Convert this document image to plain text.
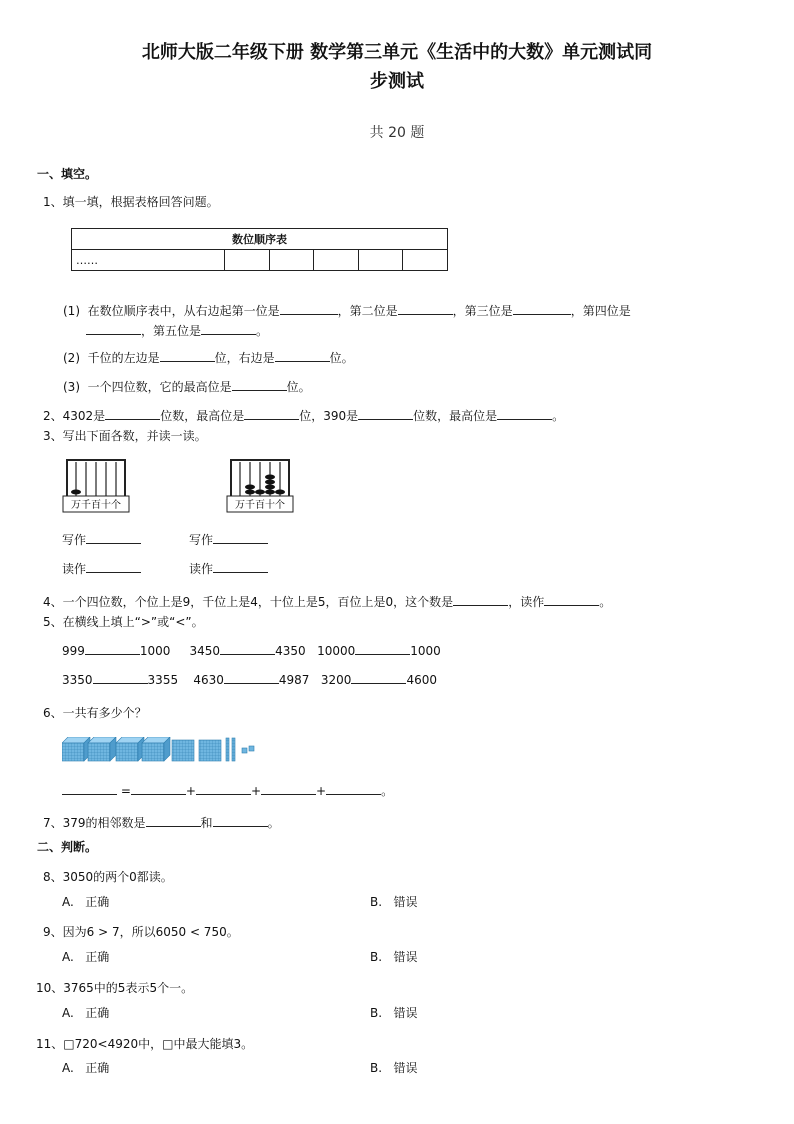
北师大版二年级下册 数学第三单元《生活中的大数》单元测试同
步测试
共 20 题
一、填空。
1、填一填，根据表格回答问题。
数位顺序表
……					
(1) 在数位顺序表中，从右边起第一位是	，第二位是	，第三位是	，第四位是
，第五位是	。
(2) 千位的左边是	位，右边是	位。
(3) 一个四位数，它的最高位是	位。
2、4302是	位数，最高位是	位，390是	位数，最高位是	。
3、写出下面各数，并读一读。
万千百十个	万千百十个
写作	写作
读作	读作
4、一个四位数，个位上是9，千位上是4，十位上是5，百位上是0，这个数是	，读作	。
5、在横线上填上“>”或“<”。
999	1000 3450	4350 10000	1000
3350	3355 4630	4987 3200	4600
6、一共有多少个？
=	+	+	+	。
7、379的相邻数是	和	。
二、判断。
8、3050的两个0都读。
A. 正确	B. 错误
9、因为6 > 7，所以6050 < 750。
A. 正确	B. 错误
10、3765中的5表示5个一。
A. 正确	B. 错误
11、□720<4920中，□中最大能填3。
A. 正确	B. 错误
